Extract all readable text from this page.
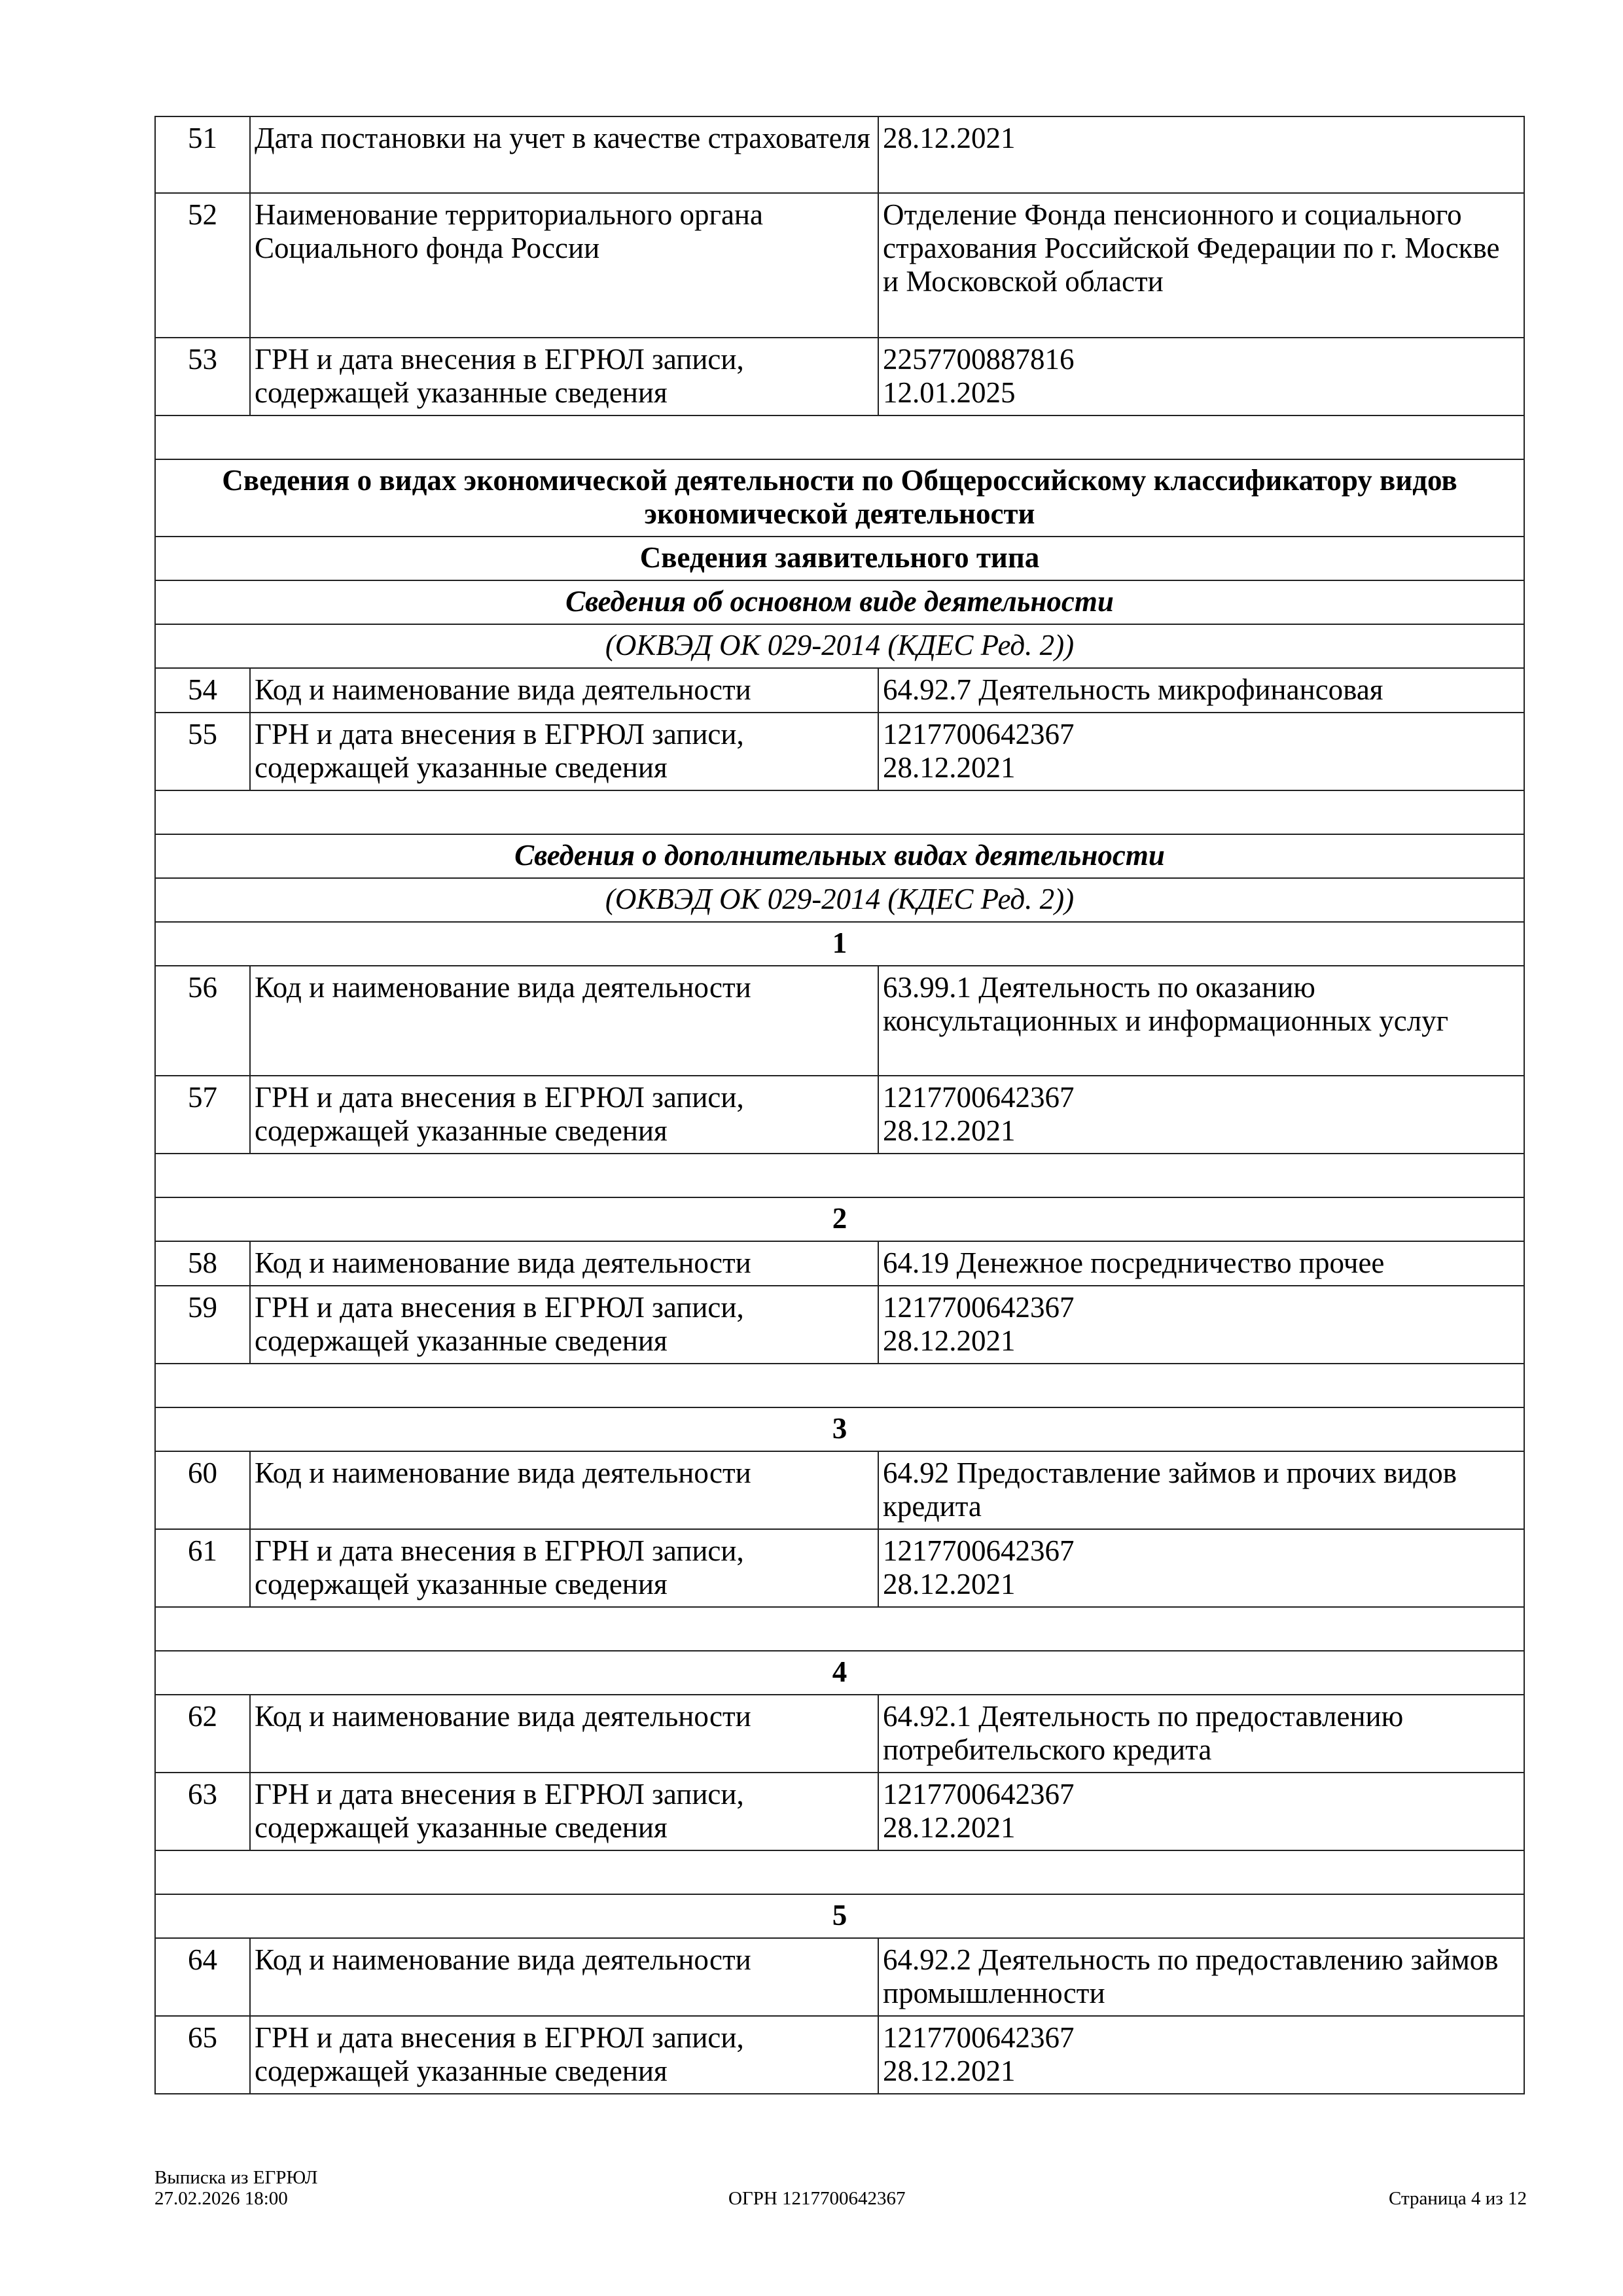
51	Дата постановки на учет в качестве страхователя	28.12.2021

52	Наименование территориального органа Социального фонда России	Отделение Фонда пенсионного и социального страхования Российской Федерации по г. Москве и Московской области

53	ГРН и дата внесения в ЕГРЮЛ записи, содержащей указанные сведения	2257700887816
12.01.2025

Сведения о видах экономической деятельности по Общероссийскому классификатору видов экономической деятельности		
Сведения заявительного типа		
Сведения об основном виде деятельности		
(ОКВЭД ОК 029-2014 (КДЕС Ред. 2))		
54	Код и наименование вида деятельности	64.92.7 Деятельность микрофинансовая

55	ГРН и дата внесения в ЕГРЮЛ записи, содержащей указанные сведения	1217700642367
28.12.2021

Сведения о дополнительных видах деятельности		
(ОКВЭД ОК 029-2014 (КДЕС Ред. 2))		
1		
56	Код и наименование вида деятельности	63.99.1 Деятельность по оказанию консультационных и информационных услуг

57	ГРН и дата внесения в ЕГРЮЛ записи, содержащей указанные сведения	1217700642367
28.12.2021

2		
58	Код и наименование вида деятельности	64.19 Денежное посредничество прочее

59	ГРН и дата внесения в ЕГРЮЛ записи, содержащей указанные сведения	1217700642367
28.12.2021

3		
60	Код и наименование вида деятельности	64.92 Предоставление займов и прочих видов кредита

61	ГРН и дата внесения в ЕГРЮЛ записи, содержащей указанные сведения	1217700642367
28.12.2021

4		
62	Код и наименование вида деятельности	64.92.1 Деятельность по предоставлению потребительского кредита

63	ГРН и дата внесения в ЕГРЮЛ записи, содержащей указанные сведения	1217700642367
28.12.2021

5		
64	Код и наименование вида деятельности	64.92.2 Деятельность по предоставлению займов промышленности

65	ГРН и дата внесения в ЕГРЮЛ записи, содержащей указанные сведения	1217700642367
28.12.2021
Выписка из ЕГРЮЛ
27.02.2026 18:00	ОГРН 1217700642367	Страница 4 из 12
